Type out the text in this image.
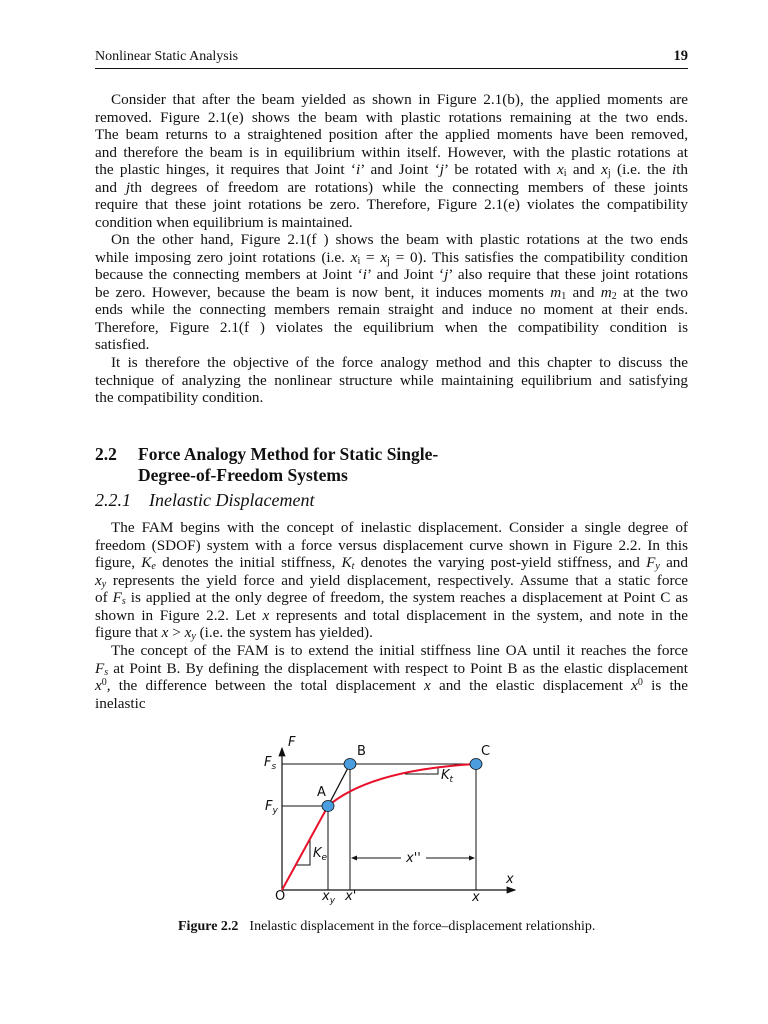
Nonlinear Static Analysis	19
Consider that after the beam yielded as shown in Figure 2.1(b), the applied moments are
removed. Figure 2.1(e) shows the beam with plastic rotations remaining at the two ends.
The beam returns to a straightened position after the applied moments have been removed,
and therefore the beam is in equilibrium within itself. However, with the plastic rotations at
the plastic hinges, it requires that Joint ‘i’ and Joint ‘j’ be rotated with $x_i$ and $x_j$ (i.e. the ith
and jth degrees of freedom are rotations) while the connecting members of these joints
require that these joint rotations be zero. Therefore, Figure 2.1(e) violates the compatibility
condition when equilibrium is maintained.
On the other hand, Figure 2.1(f ) shows the beam with plastic rotations at the two ends
while imposing zero joint rotations (i.e. $x_i = x_j = 0$). This satisfies the compatibility condition
because the connecting members at Joint ‘i’ and Joint ‘j’ also require that these joint rotations
be zero. However, because the beam is now bent, it induces moments $m_1$ and $m_2$ at the two
ends while the connecting members remain straight and induce no moment at their ends.
Therefore, Figure 2.1(f ) violates the equilibrium when the compatibility condition is
satisfied.
It is therefore the objective of the force analogy method and this chapter to discuss the
technique of analyzing the nonlinear structure while maintaining equilibrium and satisfying
the compatibility condition.
2.2 Force Analogy Method for Static Single-
Degree-of-Freedom Systems
2.2.1 Inelastic Displacement
The FAM begins with the concept of inelastic displacement. Consider a single degree of
freedom (SDOF) system with a force versus displacement curve shown in Figure 2.2. In this
figure, $K_e$ denotes the initial stiffness, $K_t$ denotes the varying post-yield stiffness, and $F_y$ and
$x_y$ represents the yield force and yield displacement, respectively. Assume that a static force
of $F_s$ is applied at the only degree of freedom, the system reaches a displacement at Point C as
shown in Figure 2.2. Let x represents and total displacement in the system, and note in the
figure that $x > x_y$ (i.e. the system has yielded).
The concept of the FAM is to extend the initial stiffness line OA until it reaches the force
$F_s$ at Point B. By defining the displacement with respect to Point B as the elastic displacement
$x^0$, the difference between the total displacement x and the elastic displacement $x^0$ is the
inelastic
F
$F_s$
$F_y$
A
B	C
$K_e$
$K_t$
x''
x
O	$x_y$ x'	x
Figure 2.2 Inelastic displacement in the force–displacement relationship.
